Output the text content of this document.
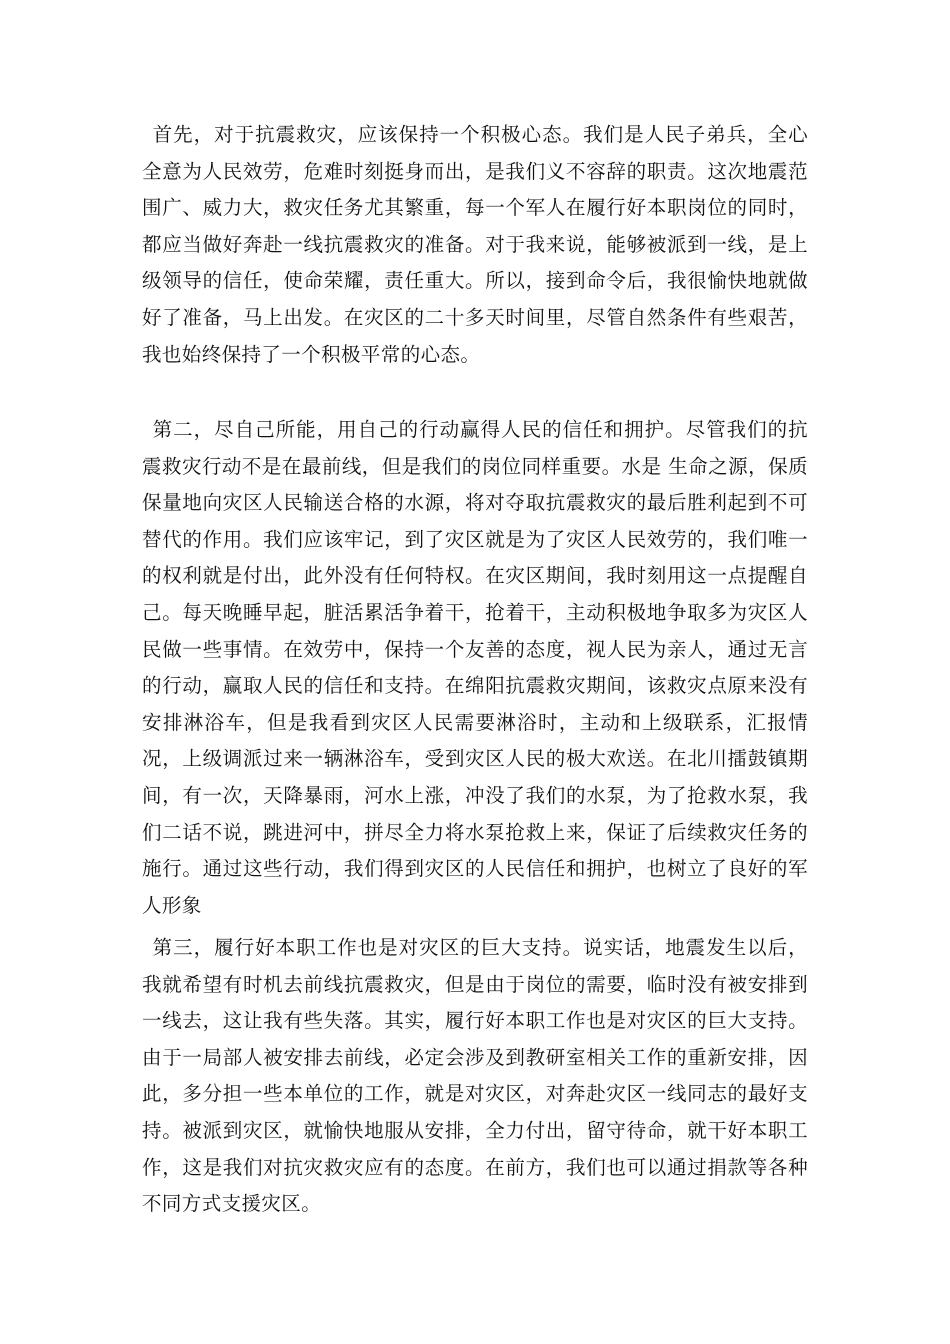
首先，对于抗震救灾，应该保持一个积极心态。我们是人民子弟兵，全心全意为人民效劳，危难时刻挺身而出，是我们义不容辞的职责。这次地震范围广、威力大，救灾任务尤其繁重，每一个军人在履行好本职岗位的同时，都应当做好奔赴一线抗震救灾的准备。对于我来说，能够被派到一线，是上级领导的信任，使命荣耀，责任重大。所以，接到命令后，我很愉快地就做好了准备，马上出发。在灾区的二十多天时间里，尽管自然条件有些艰苦，我也始终保持了一个积极平常的心态。

第二，尽自己所能，用自己的行动赢得人民的信任和拥护。尽管我们的抗震救灾行动不是在最前线，但是我们的岗位同样重要。水是 生命之源，保质保量地向灾区人民输送合格的水源，将对夺取抗震救灾的最后胜利起到不可替代的作用。我们应该牢记，到了灾区就是为了灾区人民效劳的，我们唯一的权利就是付出，此外没有任何特权。在灾区期间，我时刻用这一点提醒自己。每天晚睡早起，脏活累活争着干，抢着干，主动积极地争取多为灾区人民做一些事情。在效劳中，保持一个友善的态度，视人民为亲人，通过无言的行动，赢取人民的信任和支持。在绵阳抗震救灾期间，该救灾点原来没有安排淋浴车，但是我看到灾区人民需要淋浴时，主动和上级联系，汇报情况，上级调派过来一辆淋浴车，受到灾区人民的极大欢送。在北川擂鼓镇期间，有一次，天降暴雨，河水上涨，冲没了我们的水泵，为了抢救水泵，我们二话不说，跳进河中，拼尽全力将水泵抢救上来，保证了后续救灾任务的施行。通过这些行动，我们得到灾区的人民信任和拥护，也树立了良好的军人形象

第三，履行好本职工作也是对灾区的巨大支持。说实话，地震发生以后，我就希望有时机去前线抗震救灾，但是由于岗位的需要，临时没有被安排到一线去，这让我有些失落。其实，履行好本职工作也是对灾区的巨大支持。由于一局部人被安排去前线，必定会涉及到教研室相关工作的重新安排，因此，多分担一些本单位的工作，就是对灾区，对奔赴灾区一线同志的最好支持。被派到灾区，就愉快地服从安排，全力付出，留守待命，就干好本职工作，这是我们对抗灾救灾应有的态度。在前方，我们也可以通过捐款等各种不同方式支援灾区。
